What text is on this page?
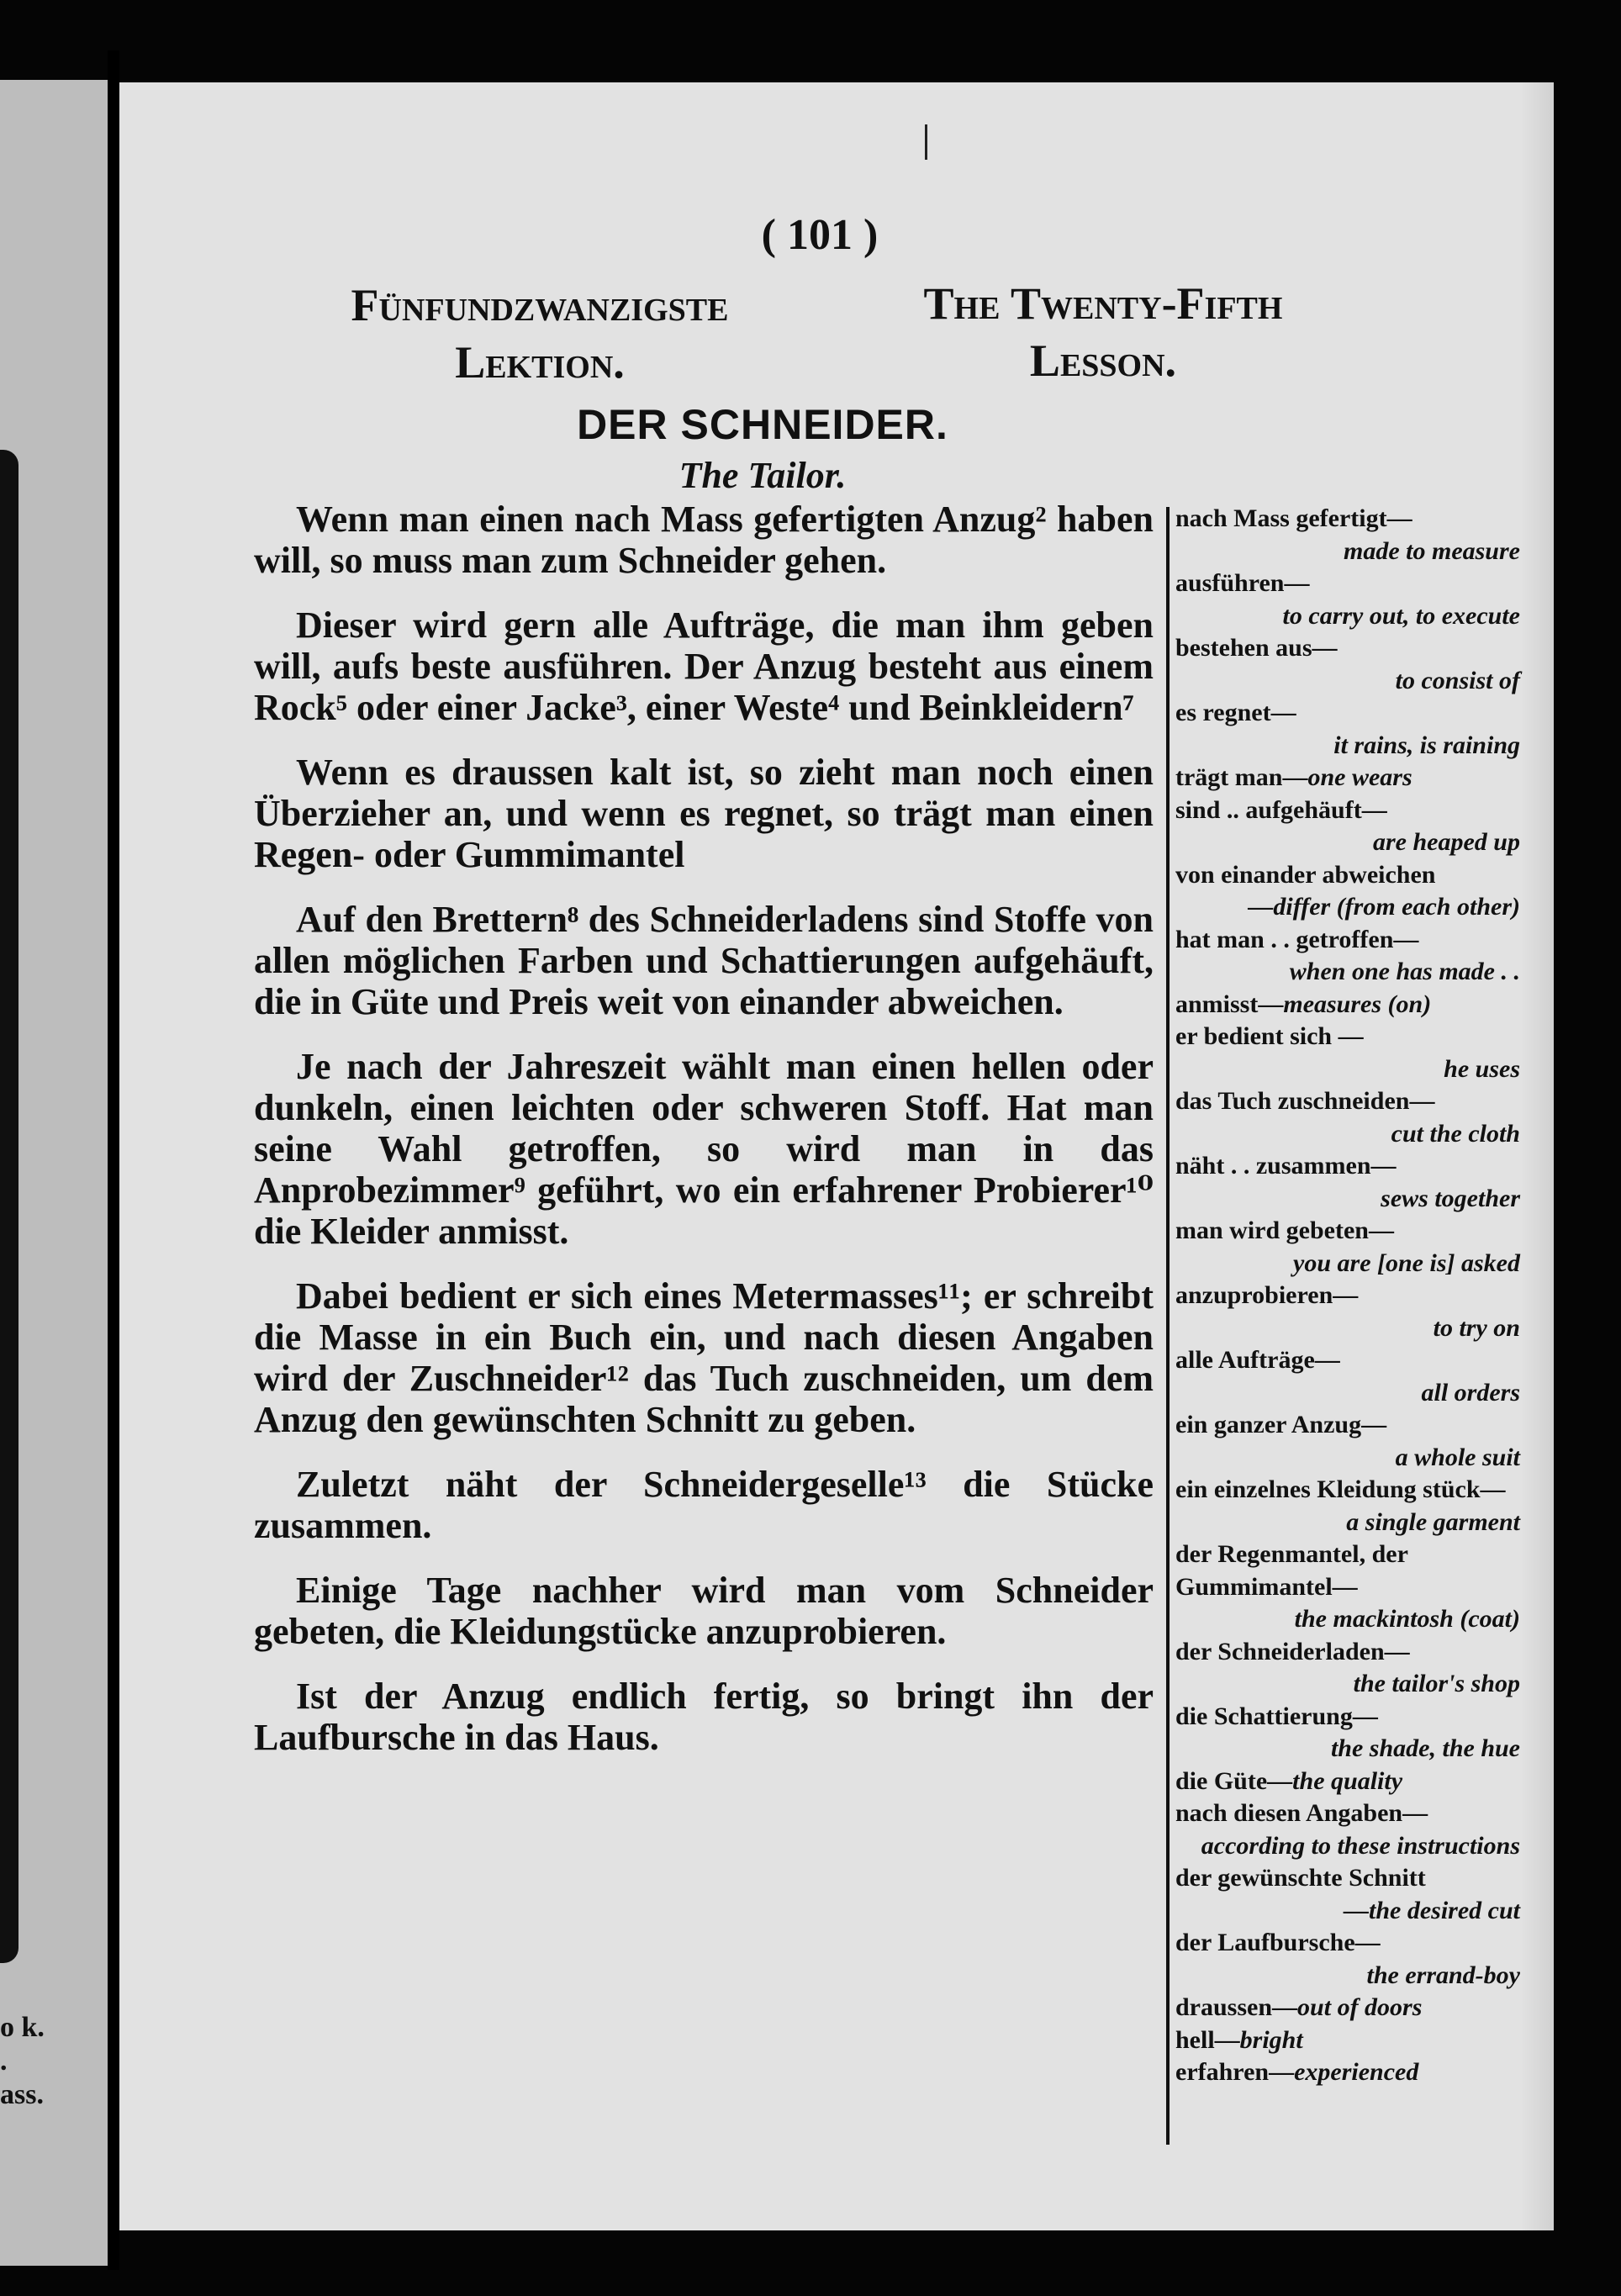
o k.
.
ass.
( 101 )
Fünfundzwanzigste
Lektion.
The Twenty-Fifth
Lesson.
DER SCHNEIDER.
The Tailor.

Wenn man einen nach Mass gefertigten Anzug² haben will, so muss man zum Schneider gehen.

Dieser wird gern alle Aufträge, die man ihm geben will, aufs beste ausführen. Der Anzug besteht aus einem Rock⁵ oder einer Jacke³, einer Weste⁴ und Beinkleidern⁷

Wenn es draussen kalt ist, so zieht man noch einen Überzieher an, und wenn es regnet, so trägt man einen Regen- oder Gummimantel

Auf den Brettern⁸ des Schneiderladens sind Stoffe von allen möglichen Farben und Schattierungen aufgehäuft, die in Güte und Preis weit von einander abweichen.

Je nach der Jahreszeit wählt man einen hellen oder dunkeln, einen leichten oder schweren Stoff. Hat man seine Wahl getroffen, so wird man in das Anprobezimmer⁹ geführt, wo ein erfahrener Probierer¹⁰ die Kleider anmisst.

Dabei bedient er sich eines Metermasses¹¹; er schreibt die Masse in ein Buch ein, und nach diesen Angaben wird der Zuschneider¹² das Tuch zuschneiden, um dem Anzug den gewünschten Schnitt zu geben.

Zuletzt näht der Schneidergeselle¹³ die Stücke zusammen.

Einige Tage nachher wird man vom Schneider gebeten, die Kleidungstücke anzuprobieren.

Ist der Anzug endlich fertig, so bringt ihn der Laufbursche in das Haus.

nach Mass gefertigt—
made to measure
ausführen—
to carry out, to execute
bestehen aus—
to consist of
es regnet—
it rains, is raining
trägt man—one wears
sind .. aufgehäuft—
are heaped up
von einander abweichen
—differ (from each other)
hat man . . getroffen—
when one has made . .
anmisst—measures (on)
er bedient sich —
he uses
das Tuch zuschneiden—
cut the cloth
näht . . zusammen—
sews together
man wird gebeten—
you are [one is] asked
anzuprobieren—
to try on
alle Aufträge—
all orders
ein ganzer Anzug—
a whole suit
ein einzelnes Kleidung stück—
a single garment
der Regenmantel, der Gummimantel—
the mackintosh (coat)
der Schneiderladen—
the tailor's shop
die Schattierung—
the shade, the hue
die Güte—the quality
nach diesen Angaben—
according to these instructions
der gewünschte Schnitt
—the desired cut
der Laufbursche—
the errand-boy
draussen—out of doors
hell—bright
erfahren—experienced
